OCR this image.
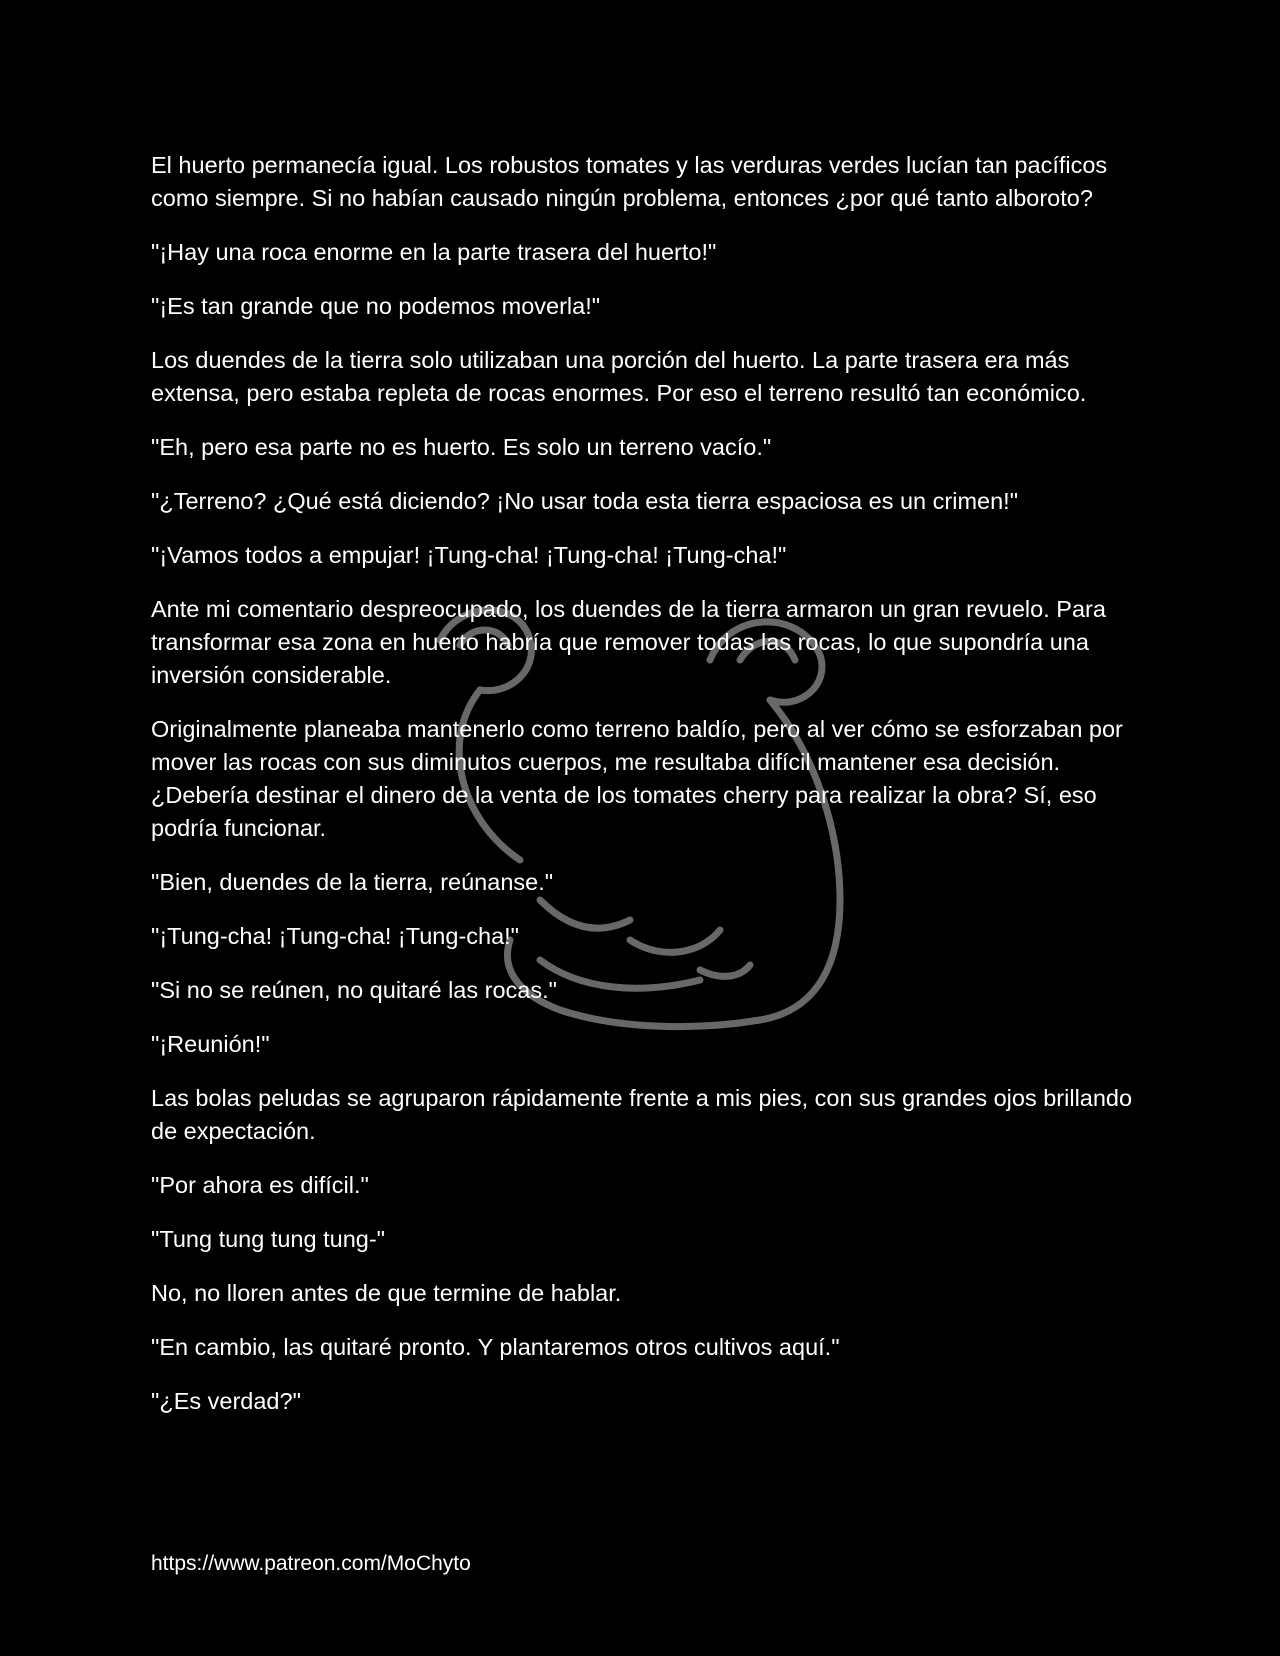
El huerto permanecía igual. Los robustos tomates y las verduras verdes lucían tan pacíficos como siempre. Si no habían causado ningún problema, entonces ¿por qué tanto alboroto?

"¡Hay una roca enorme en la parte trasera del huerto!"

"¡Es tan grande que no podemos moverla!"

Los duendes de la tierra solo utilizaban una porción del huerto. La parte trasera era más extensa, pero estaba repleta de rocas enormes. Por eso el terreno resultó tan económico.

"Eh, pero esa parte no es huerto. Es solo un terreno vacío."

"¿Terreno? ¿Qué está diciendo? ¡No usar toda esta tierra espaciosa es un crimen!"

"¡Vamos todos a empujar! ¡Tung-cha! ¡Tung-cha! ¡Tung-cha!"

Ante mi comentario despreocupado, los duendes de la tierra armaron un gran revuelo. Para transformar esa zona en huerto habría que remover todas las rocas, lo que supondría una inversión considerable.

Originalmente planeaba mantenerlo como terreno baldío, pero al ver cómo se esforzaban por mover las rocas con sus diminutos cuerpos, me resultaba difícil mantener esa decisión. ¿Debería destinar el dinero de la venta de los tomates cherry para realizar la obra? Sí, eso podría funcionar.

"Bien, duendes de la tierra, reúnanse."

"¡Tung-cha! ¡Tung-cha! ¡Tung-cha!"

"Si no se reúnen, no quitaré las rocas."

"¡Reunión!"

Las bolas peludas se agruparon rápidamente frente a mis pies, con sus grandes ojos brillando de expectación.

"Por ahora es difícil."

"Tung tung tung tung-"

No, no lloren antes de que termine de hablar.

"En cambio, las quitaré pronto. Y plantaremos otros cultivos aquí."

"¿Es verdad?"

https://www.patreon.com/MoChyto
